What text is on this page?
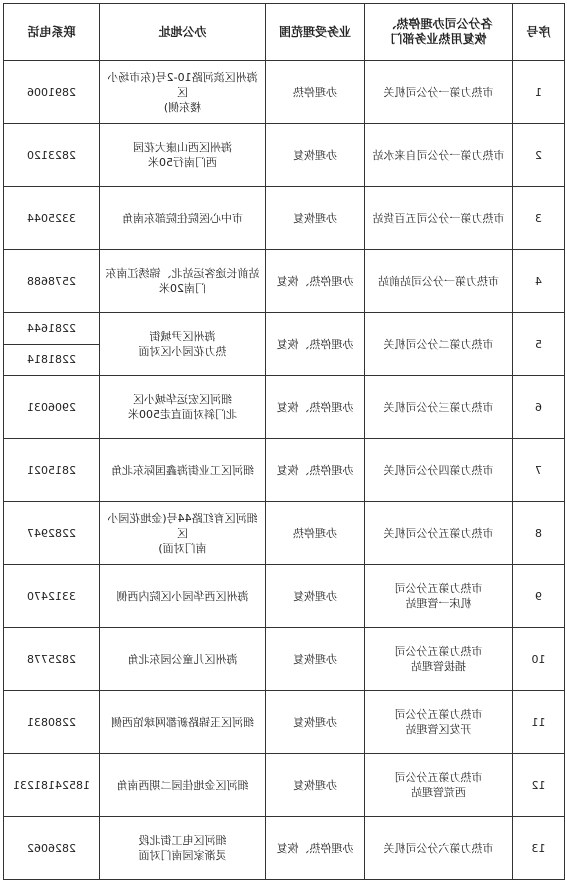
序号	各分公司办理停热、
恢复用热业务部门	业务受理范围	办公地址	联系电话
1	市热力第一分公司机关	办理停热	海州区滨河路10-2号(东市场小区
楼东侧)	2891006
2	市热力第一分公司自来水站	办理恢复	海州区西山康大花园
西门南行50米	2823120
3	市热力第一分公司五百货站	办理恢复	市中心医院住院部东南角	3325044
4	市热力第一分公司站前站	办理停热、恢复	站前长途客运站北、锦绣江南东
门南20米	2578688
5	市热力第二分公司机关	办理停热、恢复	海州区尹城街
热力花园小区对面	2281644
				2281814
6	市热力第三分公司机关	办理停热、恢复	细河区宏运华城小区
北门斜对面直走500米	2906031
7	市热力第四分公司机关	办理停热、恢复	细河区工业街海鑫国际东北角	2815021
8	市热力第五分公司机关	办理停热	细河区育红路44号(金地花园小区
南门对面)	2282947
9	市热力第五分公司
机床一管理站	办理恢复	海州区西华园小区院内西侧	3312470
10	市热力第五分公司
插拔管理站	办理恢复	海州区儿童公园东北角	2825778
11	市热力第五分公司
开发区管理站	办理恢复	细河区玉锦路新都网球馆西侧	2280831
12	市热力第五分公司
西荒管理站	办理恢复	细河区金地佳园二期西南角	18524181231
13	市热力第六分公司机关	办理停热、恢复	细河区电工街北段
灵渐家园南门对面	2826062
